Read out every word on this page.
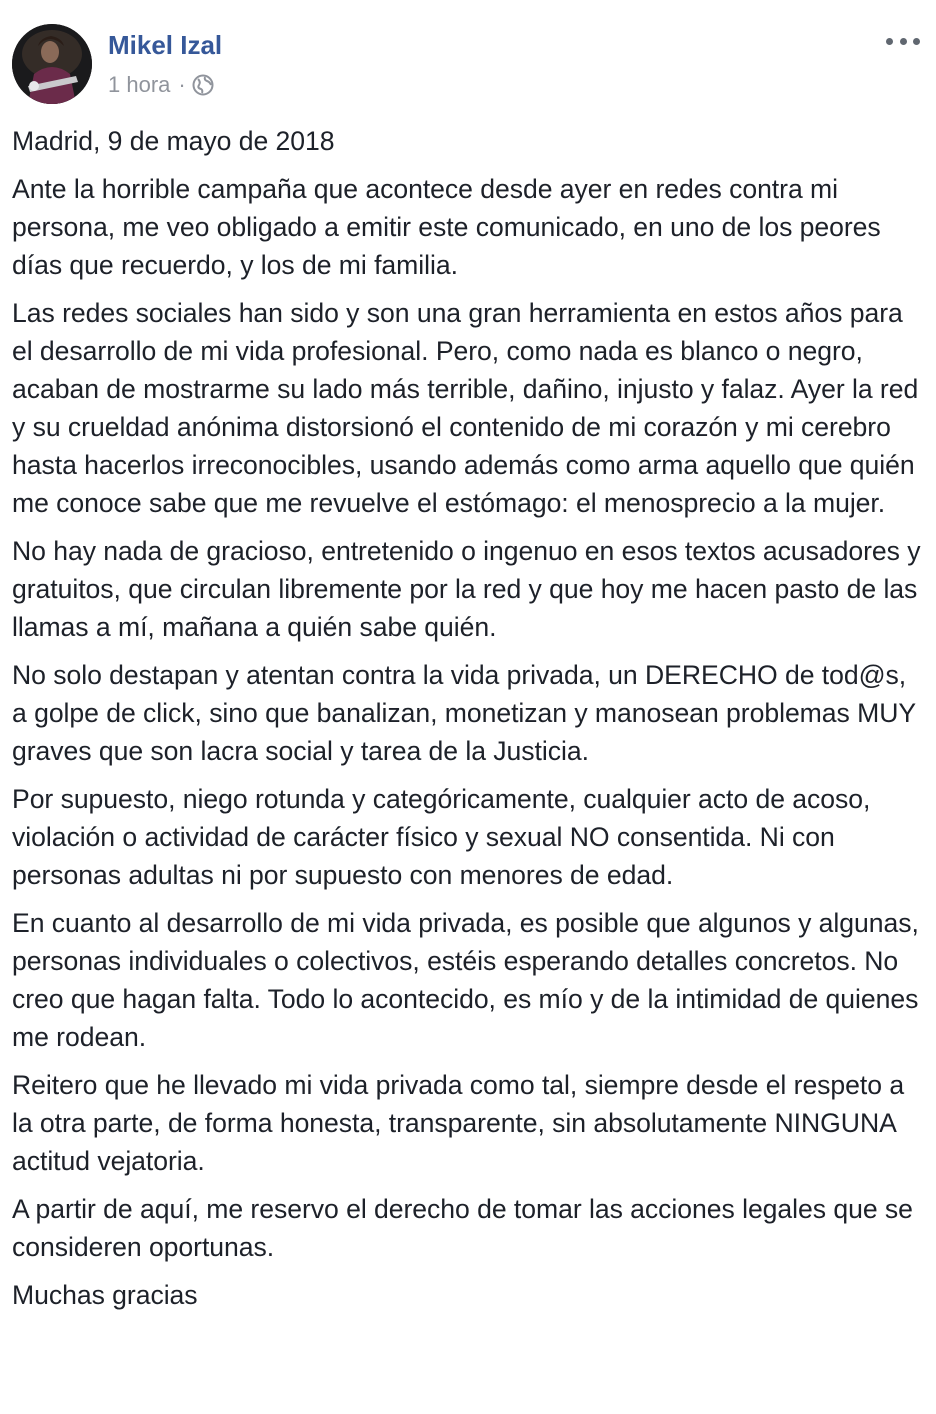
Mikel Izal
1 hora ·

Madrid, 9 de mayo de 2018

Ante la horrible campaña que acontece desde ayer en redes contra mi persona, me veo obligado a emitir este comunicado, en uno de los peores días que recuerdo, y los de mi familia.

Las redes sociales han sido y son una gran herramienta en estos años para el desarrollo de mi vida profesional. Pero, como nada es blanco o negro, acaban de mostrarme su lado más terrible, dañino, injusto y falaz. Ayer la red y su crueldad anónima distorsionó el contenido de mi corazón y mi cerebro hasta hacerlos irreconocibles, usando además como arma aquello que quién me conoce sabe que me revuelve el estómago: el menosprecio a la mujer.

No hay nada de gracioso, entretenido o ingenuo en esos textos acusadores y gratuitos, que circulan libremente por la red y que hoy me hacen pasto de las llamas a mí, mañana a quién sabe quién.

No solo destapan y atentan contra la vida privada, un DERECHO de tod@s, a golpe de click, sino que banalizan, monetizan y manosean problemas MUY graves que son lacra social y tarea de la Justicia.

Por supuesto, niego rotunda y categóricamente, cualquier acto de acoso, violación o actividad de carácter físico y sexual NO consentida. Ni con personas adultas ni por supuesto con menores de edad.

En cuanto al desarrollo de mi vida privada, es posible que algunos y algunas, personas individuales o colectivos, estéis esperando detalles concretos. No creo que hagan falta. Todo lo acontecido, es mío y de la intimidad de quienes me rodean.

Reitero que he llevado mi vida privada como tal, siempre desde el respeto a la otra parte, de forma honesta, transparente, sin absolutamente NINGUNA actitud vejatoria.

A partir de aquí, me reservo el derecho de tomar las acciones legales que se consideren oportunas.

Muchas gracias
